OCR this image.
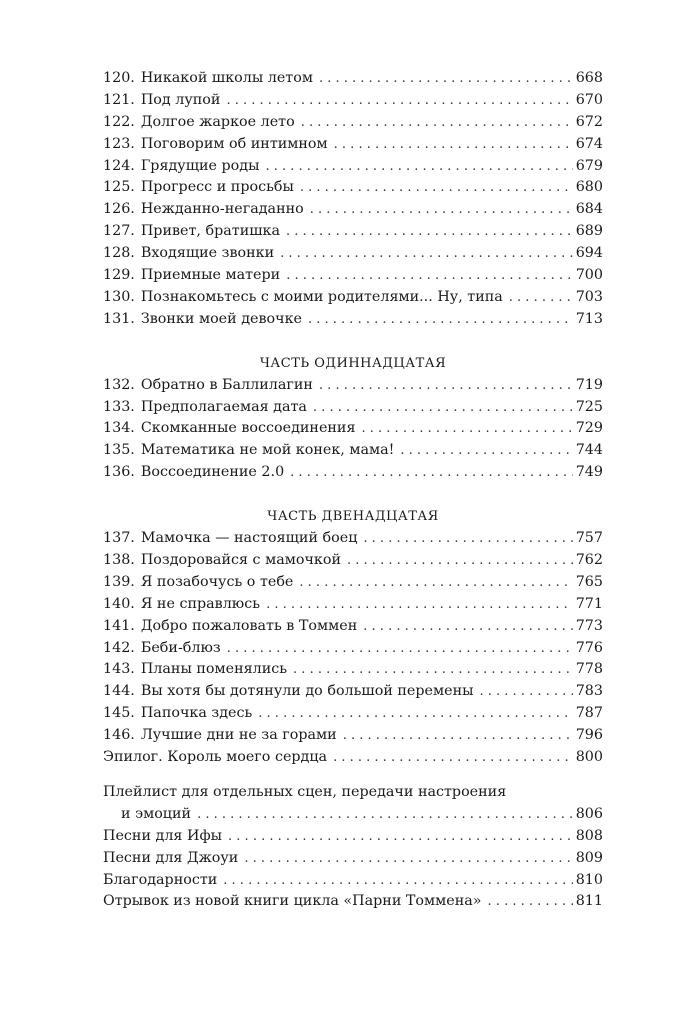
120. Никакой школы летом . . .	668
121. Под лупой . . .	670
122. Долгое жаркое лето . . .	672
123. Поговорим об интимном . . .	674
124. Грядущие роды . . .	679
125. Прогресс и просьбы . . .	680
126. Нежданно-негаданно . . .	684
127. Привет, братишка . . .	689
128. Входящие звонки . . .	694
129. Приемные матери . . .	700
130. Познакомьтесь с моими родителями... Ну, типа . . .	703
131. Звонки моей девочке . . .	713
ЧАСТЬ ОДИННАДЦАТАЯ
132. Обратно в Баллилагин . . .	719
133. Предполагаемая дата . . .	725
134. Скомканные воссоединения . . .	729
135. Математика не мой конек, мама! . . .	744
136. Воссоединение 2.0 . . .	749
ЧАСТЬ ДВЕНАДЦАТАЯ
137. Мамочка — настоящий боец . . .	757
138. Поздоровайся с мамочкой . . .	762
139. Я позабочусь о тебе . . .	765
140. Я не справлюсь . . .	771
141. Добро пожаловать в Томмен . . .	773
142. Беби-блюз . . .	776
143. Планы поменялись . . .	778
144. Вы хотя бы дотянули до большой перемены . . .	783
145. Папочка здесь . . .	787
146. Лучшие дни не за горами . . .	796
Эпилог. Король моего сердца . . .	800
Плейлист для отдельных сцен, передачи настроения
и эмоций . . .	806
Песни для Ифы . . .	808
Песни для Джоуи . . .	809
Благодарности . . .	810
Отрывок из новой книги цикла «Парни Томмена» . . .	811
